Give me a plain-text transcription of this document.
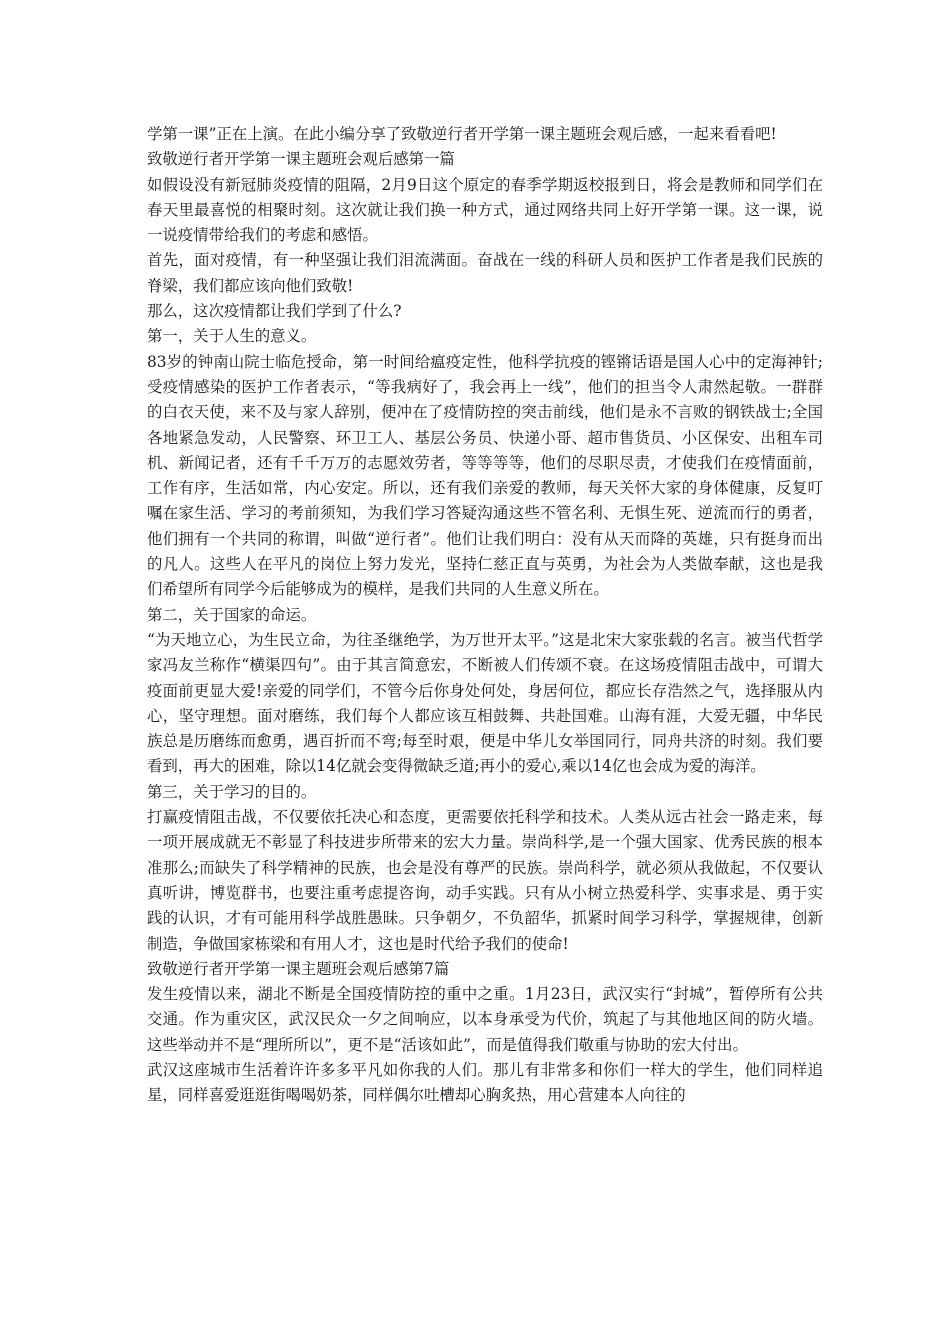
学第一课”正在上演。在此小编分享了致敬逆行者开学第一课主题班会观后感，一起来看看吧!

致敬逆行者开学第一课主题班会观后感第一篇

如假设没有新冠肺炎疫情的阻隔，2月9日这个原定的春季学期返校报到日，将会是教师和同学们在春天里最喜悦的相聚时刻。这次就让我们换一种方式，通过网络共同上好开学第一课。这一课，说一说疫情带给我们的考虑和感悟。

首先，面对疫情，有一种坚强让我们泪流满面。奋战在一线的科研人员和医护工作者是我们民族的脊梁，我们都应该向他们致敬!

那么，这次疫情都让我们学到了什么?

第一，关于人生的意义。

83岁的钟南山院士临危授命，第一时间给瘟疫定性，他科学抗疫的铿锵话语是国人心中的定海神针;受疫情感染的医护工作者表示，“等我病好了，我会再上一线”，他们的担当令人肃然起敬。一群群的白衣天使，来不及与家人辞别，便冲在了疫情防控的突击前线，他们是永不言败的钢铁战士;全国各地紧急发动，人民警察、环卫工人、基层公务员、快递小哥、超市售货员、小区保安、出租车司机、新闻记者，还有千千万万的志愿效劳者，等等等等，他们的尽职尽责，才使我们在疫情面前，工作有序，生活如常，内心安定。所以，还有我们亲爱的教师，每天关怀大家的身体健康，反复叮嘱在家生活、学习的考前须知，为我们学习答疑沟通这些不管名利、无惧生死、逆流而行的勇者，他们拥有一个共同的称谓，叫做“逆行者”。他们让我们明白：没有从天而降的英雄，只有挺身而出的凡人。这些人在平凡的岗位上努力发光，坚持仁慈正直与英勇，为社会为人类做奉献，这也是我们希望所有同学今后能够成为的模样，是我们共同的人生意义所在。

第二，关于国家的命运。

“为天地立心，为生民立命，为往圣继绝学，为万世开太平。”这是北宋大家张载的名言。被当代哲学家冯友兰称作“横渠四句”。由于其言简意宏，不断被人们传颂不衰。在这场疫情阻击战中，可谓大疫面前更显大爱!亲爱的同学们，不管今后你身处何处，身居何位，都应长存浩然之气，选择服从内心，坚守理想。面对磨练，我们每个人都应该互相鼓舞、共赴国难。山海有涯，大爱无疆，中华民族总是历磨练而愈勇，遇百折而不弯;每至时艰，便是中华儿女举国同行，同舟共济的时刻。我们要看到，再大的困难，除以14亿就会变得微缺乏道;再小的爱心,乘以14亿也会成为爱的海洋。

第三，关于学习的目的。

打赢疫情阻击战，不仅要依托决心和态度，更需要依托科学和技术。人类从远古社会一路走来，每一项开展成就无不彰显了科技进步所带来的宏大力量。崇尚科学,是一个强大国家、优秀民族的根本准那么;而缺失了科学精神的民族，也会是没有尊严的民族。崇尚科学，就必须从我做起，不仅要认真听讲，博览群书，也要注重考虑提咨询，动手实践。只有从小树立热爱科学、实事求是、勇于实践的认识，才有可能用科学战胜愚昧。只争朝夕，不负韶华，抓紧时间学习科学，掌握规律，创新制造，争做国家栋梁和有用人才，这也是时代给予我们的使命!

致敬逆行者开学第一课主题班会观后感第7篇

发生疫情以来，湖北不断是全国疫情防控的重中之重。1月23日，武汉实行“封城”，暂停所有公共交通。作为重灾区，武汉民众一夕之间响应，以本身承受为代价，筑起了与其他地区间的防火墙。这些举动并不是“理所所以”，更不是“活该如此”，而是值得我们敬重与协助的宏大付出。

武汉这座城市生活着许许多多平凡如你我的人们。那儿有非常多和你们一样大的学生，他们同样追星，同样喜爱逛逛街喝喝奶茶，同样偶尔吐槽却心胸炙热，用心营建本人向往的
